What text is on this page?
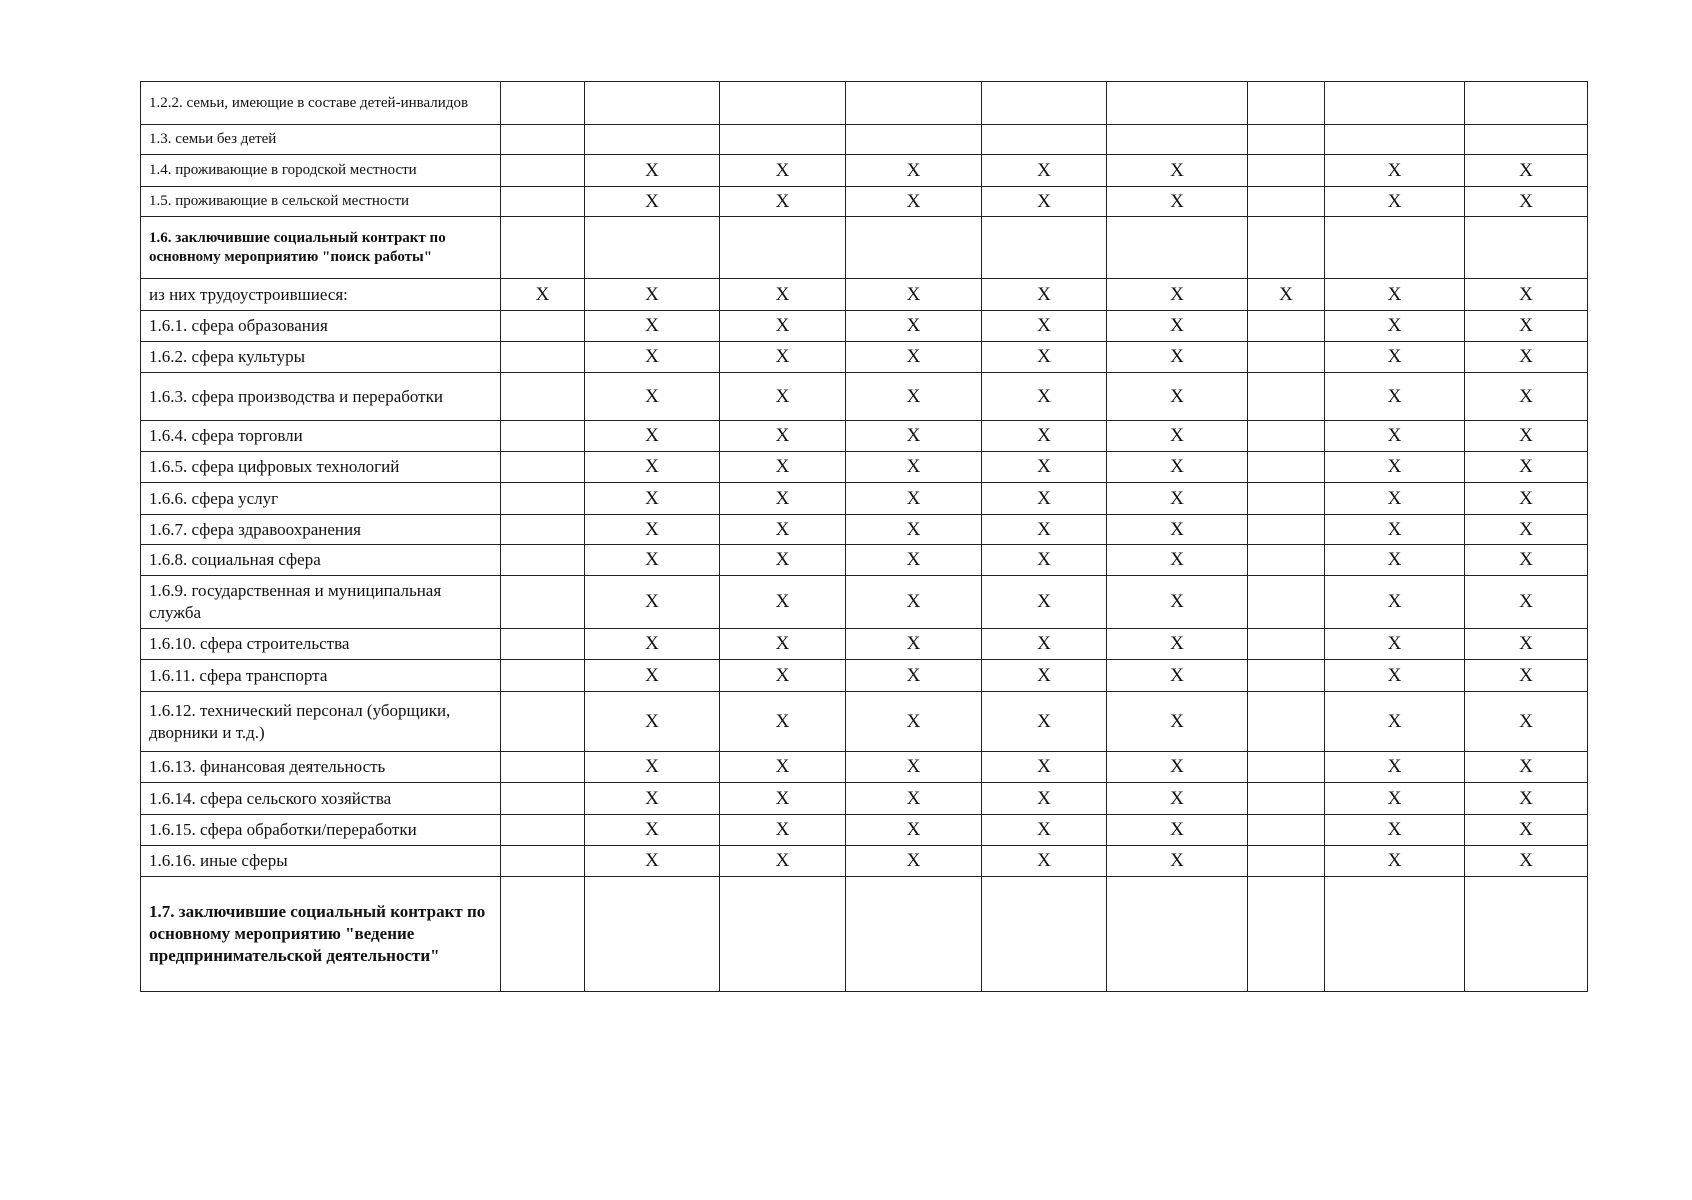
1.2.2. семьи, имеющие в составе детей-инвалидов									
1.3. семьи без детей									
1.4. проживающие в городской местности		X	X	X	X	X		X	X
1.5. проживающие в сельской местности		X	X	X	X	X		X	X
1.6. заключившие социальный контракт по основному мероприятию "поиск работы"									
из них трудоустроившиеся:	X	X	X	X	X	X	X	X	X
1.6.1. сфера образования		X	X	X	X	X		X	X
1.6.2. сфера культуры		X	X	X	X	X		X	X
1.6.3. сфера производства и переработки		X	X	X	X	X		X	X
1.6.4. сфера торговли		X	X	X	X	X		X	X
1.6.5. сфера цифровых технологий		X	X	X	X	X		X	X
1.6.6. сфера услуг		X	X	X	X	X		X	X
1.6.7. сфера здравоохранения		X	X	X	X	X		X	X
1.6.8. социальная сфера		X	X	X	X	X		X	X
1.6.9. государственная и муниципальная служба		X	X	X	X	X		X	X
1.6.10. сфера строительства		X	X	X	X	X		X	X
1.6.11. сфера транспорта		X	X	X	X	X		X	X
1.6.12. технический персонал (уборщики, дворники и т.д.)		X	X	X	X	X		X	X
1.6.13. финансовая деятельность		X	X	X	X	X		X	X
1.6.14. сфера сельского хозяйства		X	X	X	X	X		X	X
1.6.15. сфера обработки/переработки		X	X	X	X	X		X	X
1.6.16. иные сферы		X	X	X	X	X		X	X
1.7. заключившие социальный контракт по основному мероприятию "ведение предпринимательской деятельности"									
